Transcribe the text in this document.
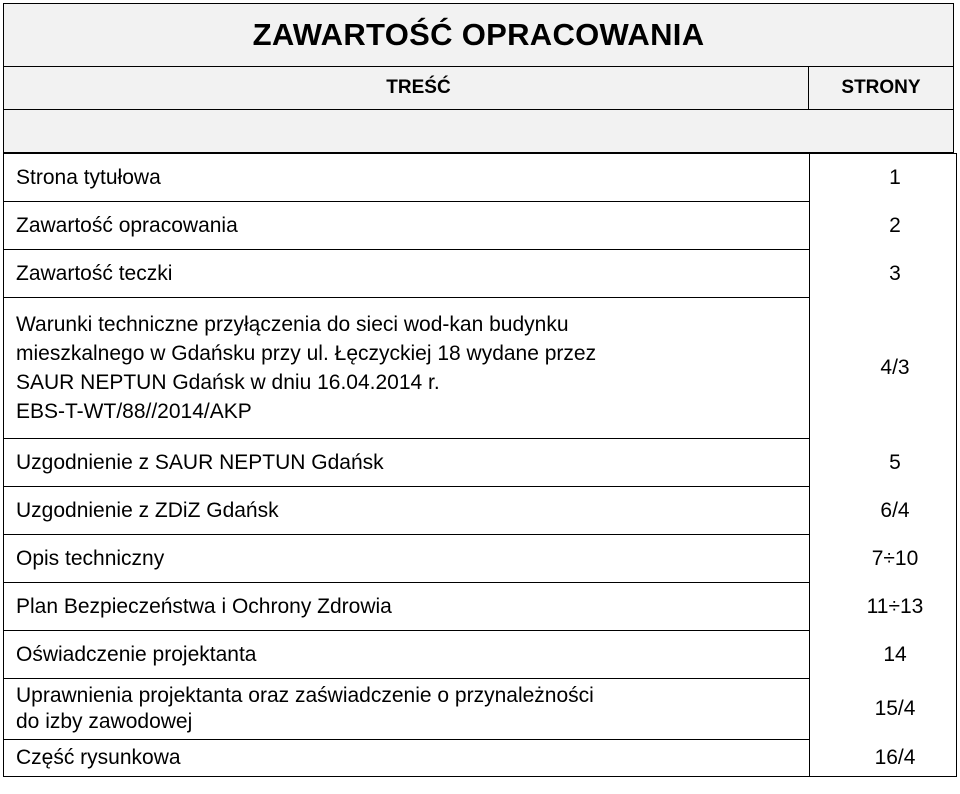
ZAWARTOŚĆ OPRACOWANIA
TREŚĆ	STRONY
Strona tytułowa	1
Zawartość opracowania	2
Zawartość teczki	3

Warunki techniczne przyłączenia do sieci wod-kan budynku
mieszkalnego w Gdańsku przy ul. Łęczyckiej 18 wydane przez
SAUR NEPTUN Gdańsk w dniu 16.04.2014 r.
EBS-T-WT/88//2014/AKP	4/3
Uzgodnienie z SAUR NEPTUN Gdańsk	5
Uzgodnienie z ZDiZ Gdańsk	6/4
Opis techniczny	7÷10
Plan Bezpieczeństwa i Ochrony Zdrowia	11÷13
Oświadczenie projektanta	14

Uprawnienia projektanta oraz zaświadczenie o przynależności
do izby zawodowej	15/4
Część rysunkowa	16/4
